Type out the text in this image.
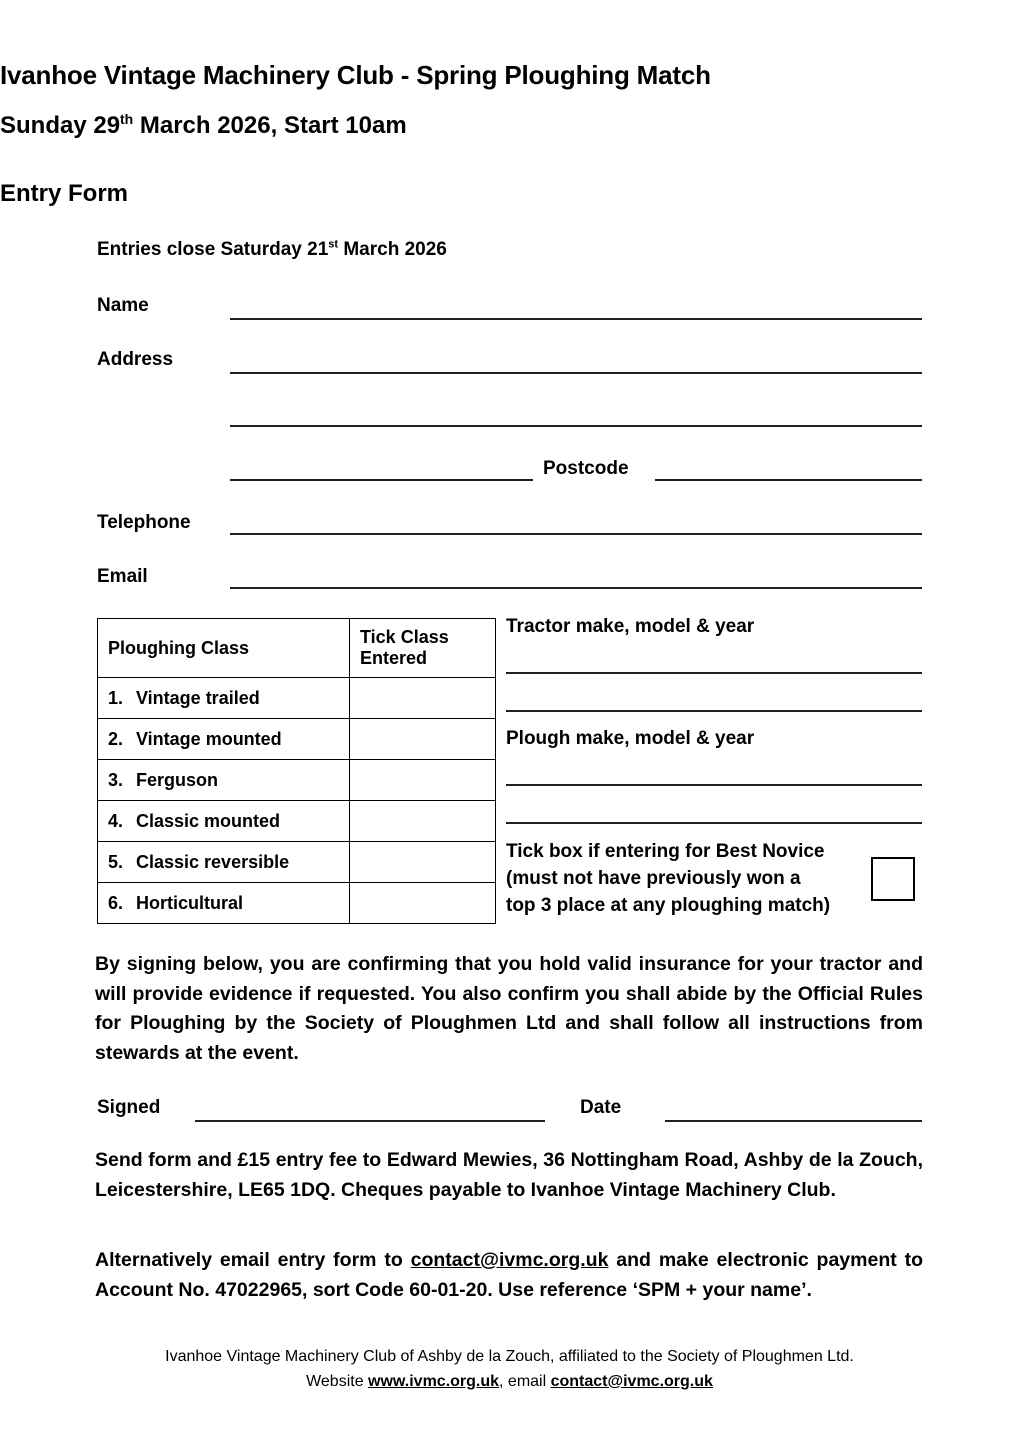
Ivanhoe Vintage Machinery Club - Spring Ploughing Match
Sunday 29th March 2026, Start 10am
Entry Form
Entries close Saturday 21st March 2026
Name
Address
Postcode
Telephone
Email
Ploughing Class	Tick Class
Entered
1. Vintage trailed	
2. Vintage mounted	
3. Ferguson	
4. Classic mounted	
5. Classic reversible	
6. Horticultural	
Tractor make, model & year
Plough make, model & year
Tick box if entering for Best Novice
(must not have previously won a
top 3 place at any ploughing match)
By signing below, you are confirming that you hold valid insurance for your tractor and will provide evidence if requested. You also confirm you shall abide by the Official Rules for Ploughing by the Society of Ploughmen Ltd and shall follow all instructions from stewards at the event.
Signed	Date
Send form and £15 entry fee to Edward Mewies, 36 Nottingham Road, Ashby de la Zouch, Leicestershire, LE65 1DQ. Cheques payable to Ivanhoe Vintage Machinery Club.
Alternatively email entry form to contact@ivmc.org.uk and make electronic payment to Account No. 47022965, sort Code 60-01-20. Use reference ‘SPM + your name’.
Ivanhoe Vintage Machinery Club of Ashby de la Zouch, affiliated to the Society of Ploughmen Ltd.
Website www.ivmc.org.uk, email contact@ivmc.org.uk
